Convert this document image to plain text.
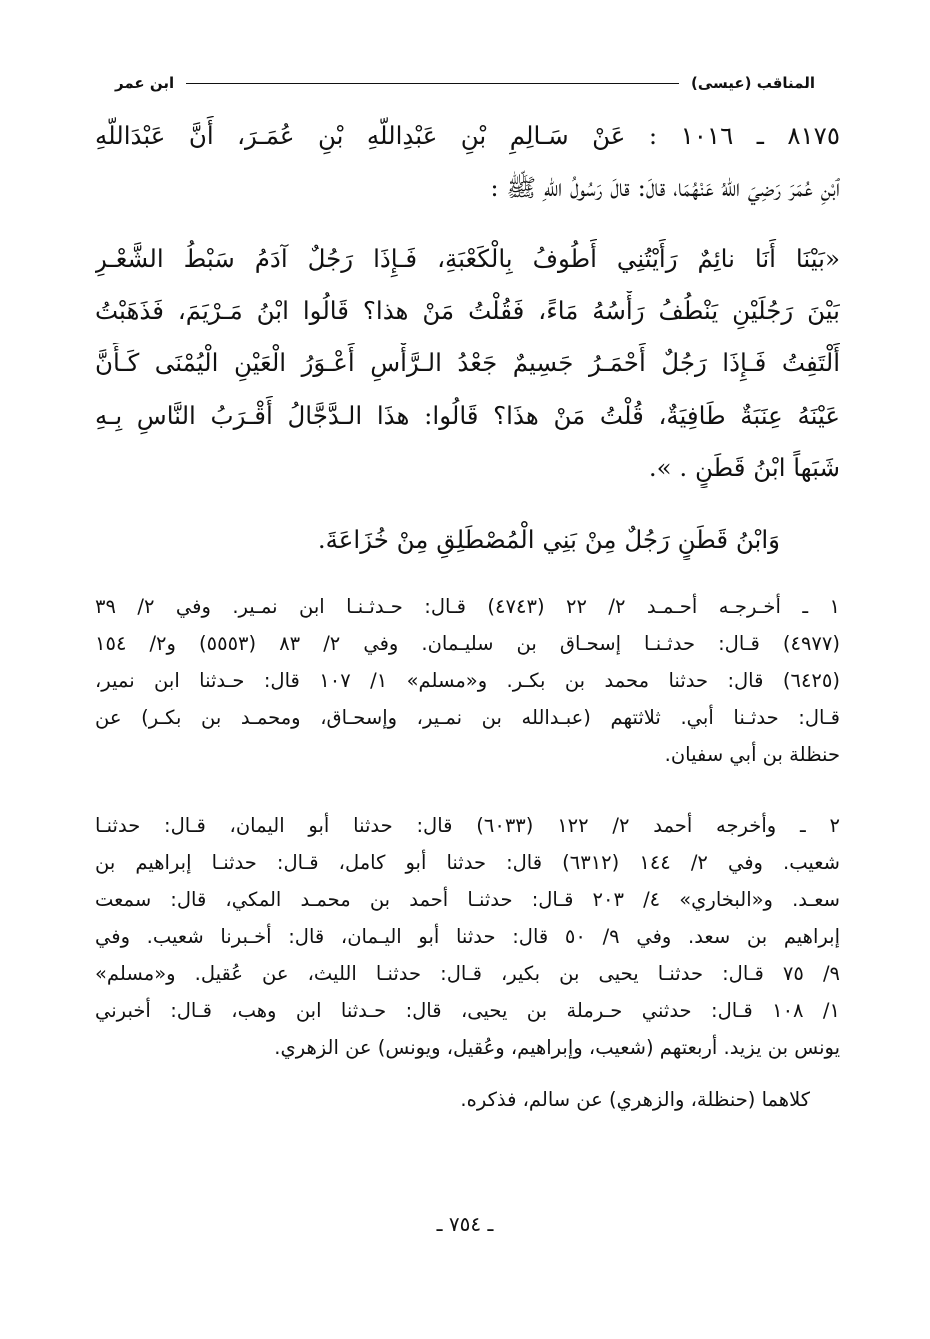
المناقب (عيسى)
ابن عمر
٨١٧٥ ـ ١٠١٦ : عَنْ سَـالِمِ بْنِ عَبْدِاللّهِ بْنِ عُمَـرَ، أَنَّ عَبْدَاللّهِ
ٱبْنِ عُمَرَ رَضِيَ اللّهُ عَنْهُمَا، قالَ: قالَ رَسُولُ اللّهِ ﷺ :
«بَيْنَا أَنَا نائِمٌ رَأَيْتُنِي أَطُوفُ بِالْكَعْبَةِ، فَـإِذَا رَجُلٌ آدَمُ سَبْطُ الشَّعْـرِ
بَيْنَ رَجُلَيْنِ يَنْطُفُ رَأْسُهُ مَاءً، فَقُلْتُ مَنْ هذا؟ قَالُوا ابْنُ مَـرْيَمَ، فَذَهَبْتُ
أَلْتَفِتُ فَـإِذَا رَجُلٌ أَحْمَـرُ جَسِيمٌ جَعْدُ الـرَّأْسِ أَعْـوَرُ الْعَيْنِ الْيُمْنَى كَـأَنَّ
عَيْنَهُ عِنَبَةٌ طَافِيَةٌ، قُلْتُ مَنْ هذَا؟ قَالُوا: هذَا الـدَّجَّالُ أَقْـرَبُ النَّاسِ بِـهِ
شَبَهاً ابْنُ قَطَنٍ . ».
وَابْنُ قَطَنٍ رَجُلٌ مِنْ بَنِي الْمُصْطَلِقِ مِنْ خُزَاعَةَ.
١ ـ أخـرجـه أحـمـد ٢/ ٢٢ (٤٧٤٣) قـال: حـدثـنـا ابن نمـير. وفي ٢/ ٣٩
(٤٩٧٧) قـال: حدثـنـا إسحـاق بن سليـمان. وفي ٢/ ٨٣ (٥٥٥٣) و٢/ ١٥٤
(٦٤٢٥) قال: حدثنا محمد بن بكـر. و«مسلم» ١/ ١٠٧ قال: حـدثنا ابن نمير،
قـال: حدثـنا أبي. ثلاثتهم (عبـدالله بن نمـير، وإسحـاق، ومحمـد بن بكـر) عن
حنظلة بن أبي سفيان.
٢ ـ وأخرجه أحمد ٢/ ١٢٢ (٦٠٣٣) قال: حدثنا أبو اليمان، قـال: حدثنـا
شعيب. وفي ٢/ ١٤٤ (٦٣١٢) قال: حدثنا أبو كامل، قـال: حدثنـا إبراهيم بن
سعـد. و«البخاري» ٤/ ٢٠٣ قـال: حدثنـا أحمد بن محمـد المكي، قال: سمعت
إبراهيم بن سعد. وفي ٩/ ٥٠ قال: حدثنا أبو اليـمان، قال: أخـبرنا شعيب. وفي
٩/ ٧٥ قـال: حدثنـا يحيى بن بكير، قـال: حدثنـا الليث، عن عُقيل. و«مسلم»
١/ ١٠٨ قـال: حدثني حـرملة بن يحيى، قال: حـدثنا ابن وهب، قـال: أخبرني
يونس بن يزيد. أربعتهم (شعيب، وإبراهيم، وعُقيل، ويونس) عن الزهري.
كلاهما (حنظلة، والزهري) عن سالم، فذكره.
ـ ٧٥٤ ـ
